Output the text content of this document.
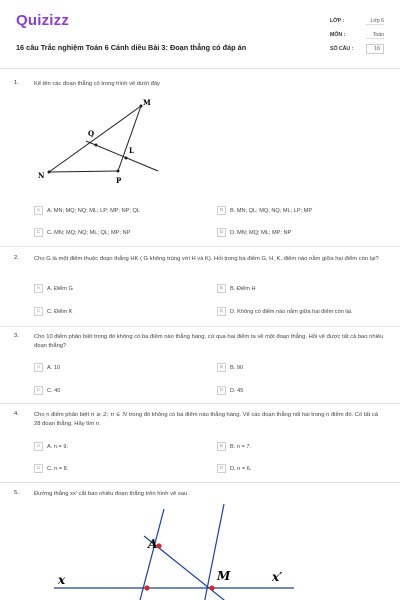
Quizizz
16 câu Trắc nghiệm Toán 6 Cánh diều Bài 3: Đoạn thẳng có đáp án
LỚP :	Lớp 6
MÔN :	Toán
SỐ CÂU :	16
1.	Kể tên các đoạn thẳng có trong hình vẽ dưới đây
M
Q
L
N
P
A	A. MN; MQ; NQ; ML; LP; MP; NP; QL	B	B. MN; QL; MQ; NQ; ML; LP; MP
C	C. MN; MQ; NQ; ML; QL; MP; NP	D	D. MN; MQ; ML; MP; NP
2.	Cho G là một điểm thuộc đoạn thẳng HK ( G không trùng với H và K). Hỏi trong ba điểm G, H, K, điểm nào nằm giữa hai điểm còn lại?
A	A. Điểm G	B	B. Điểm H
C	C. Điểm K	D	D. Không có điểm nào nằm giữa hai điểm còn lại.
3.	Cho 10 điểm phân biệt trong đó không có ba điểm nào thẳng hàng, cứ qua hai điểm ta vẽ một đoạn thẳng. Hỏi vẽ được tất cả bao nhiêu đoạn thẳng?
A	A. 10	B	B. 90
C	C. 40	D	D. 45
4.	Cho n điểm phân biệt n ≥ 2; n ∈ N trong đó không có ba điểm nào thẳng hàng. Vẽ các đoạn thẳng nối hai trong n điểm đó. Có tất cả 28 đoạn thẳng. Hãy tìm n.
A	A. n = 9.	B	B. n = 7.
C	C. n = 8.	D	D. n = 6.
5.	Đường thẳng xx' cắt bao nhiêu đoạn thẳng trên hình vẽ sau
A
M
x	x′
